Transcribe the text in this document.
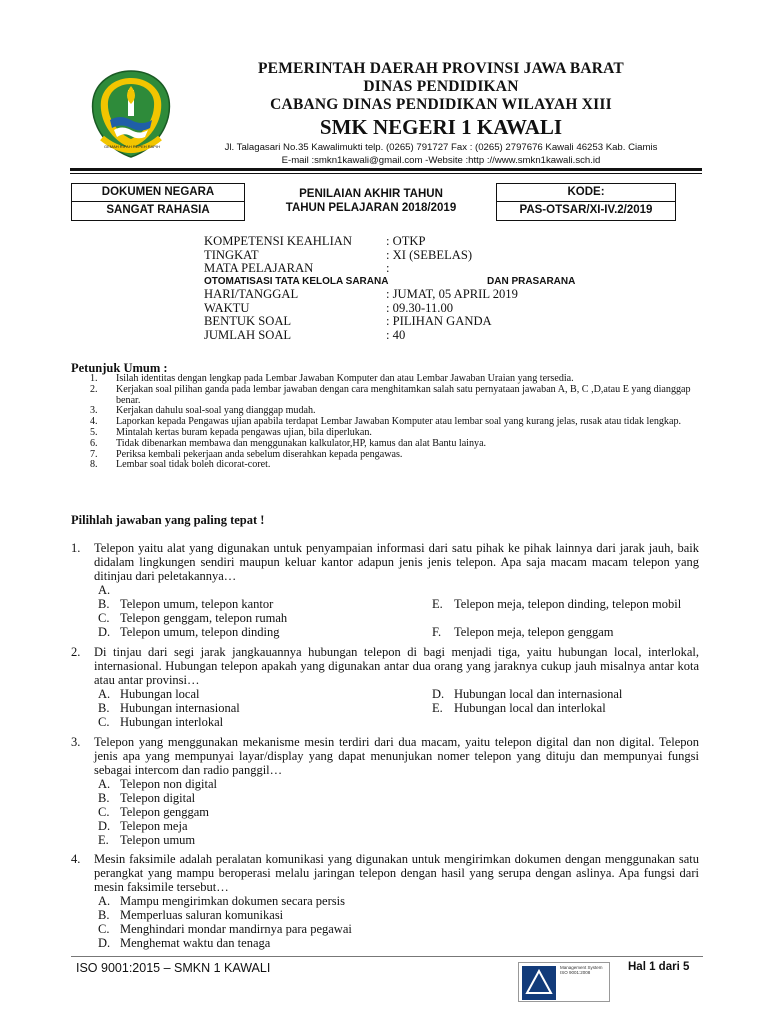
GEMAH RIPAH REPEH RAPIH
PEMERINTAH DAERAH PROVINSI JAWA BARAT
DINAS PENDIDIKAN
CABANG DINAS PENDIDIKAN WILAYAH XIII
SMK NEGERI 1 KAWALI
Jl. Talagasari No.35 Kawalimukti telp. (0265) 791727 Fax : (0265) 2797676 Kawali 46253 Kab. Ciamis
E-mail :smkn1kawali@gmail.com -Website :http ://www.smkn1kawali.sch.id
DOKUMEN NEGARA
SANGAT RAHASIA
PENILAIAN AKHIR TAHUN
TAHUN PELAJARAN 2018/2019
KODE:
PAS-OTSAR/XI-IV.2/2019
KOMPETENSI KEAHLIAN	: OTKP
TINGKAT	: XI (SEBELAS)
MATA PELAJARAN	:
OTOMATISASI TATA KELOLA SARANA	DAN PRASARANA
HARI/TANGGAL	: JUMAT, 05 APRIL 2019
WAKTU	: 09.30-11.00
BENTUK SOAL	: PILIHAN GANDA
JUMLAH SOAL	: 40
Petunjuk Umum :
1. Isilah identitas dengan lengkap pada Lembar Jawaban Komputer dan atau Lembar Jawaban Uraian yang tersedia.
2. Kerjakan soal pilihan ganda pada lembar jawaban dengan cara menghitamkan salah satu pernyataan jawaban A, B, C ,D,atau E yang dianggap benar.
3. Kerjakan dahulu soal-soal yang dianggap mudah.
4. Laporkan kepada Pengawas ujian apabila terdapat Lembar Jawaban Komputer atau lembar soal yang kurang jelas, rusak atau tidak lengkap.
5. Mintalah kertas buram kepada pengawas ujian, bila diperlukan.
6. Tidak dibenarkan membawa dan menggunakan kalkulator,HP, kamus dan alat Bantu lainya.
7. Periksa kembali pekerjaan anda sebelum diserahkan kepada pengawas.
8. Lembar soal tidak boleh dicorat-coret.
Pilihlah jawaban yang paling tepat !
1. Telepon yaitu alat yang digunakan untuk penyampaian informasi dari satu pihak ke pihak lainnya dari jarak jauh, baik didalam lingkungen sendiri maupun keluar kantor adapun jenis jenis telepon. Apa saja macam macam telepon yang ditinjau dari peletakannya…
A.
B. Telepon umum, telepon kantor
C. Telepon genggam, telepon rumah
D. Telepon umum, telepon dinding
E. Telepon meja, telepon dinding, telepon mobil
F. Telepon meja, telepon genggam
2. Di tinjau dari segi jarak jangkauannya hubungan telepon di bagi menjadi tiga, yaitu hubungan local, interlokal, internasional. Hubungan telepon apakah yang digunakan antar dua orang yang jaraknya cukup jauh misalnya antar kota atau antar provinsi…
A. Hubungan local
B. Hubungan internasional
C. Hubungan interlokal
D. Hubungan local dan internasional
E. Hubungan local dan interlokal
3. Telepon yang menggunakan mekanisme mesin terdiri dari dua macam, yaitu telepon digital dan non digital. Telepon jenis apa yang mempunyai layar/display yang dapat menunjukan nomer telepon yang dituju dan mempunyai fungsi sebagai intercom dan radio panggil…
A. Telepon non digital
B. Telepon digital
C. Telepon genggam
D. Telepon meja
E. Telepon umum
4. Mesin faksimile adalah peralatan komunikasi yang digunakan untuk mengirimkan dokumen dengan menggunakan satu perangkat yang mampu beroperasi melalu jaringan telepon dengan hasil yang serupa dengan aslinya. Apa fungsi dari mesin faksimile tersebut…
A. Mampu mengirimkan dokumen secara persis
B. Memperluas saluran komunikasi
C. Menghindari mondar mandirnya para pegawai
D. Menghemat waktu dan tenaga
ISO 9001:2015 – SMKN 1 KAWALI	Management System ISO 9001:2008	Hal 1 dari 5
